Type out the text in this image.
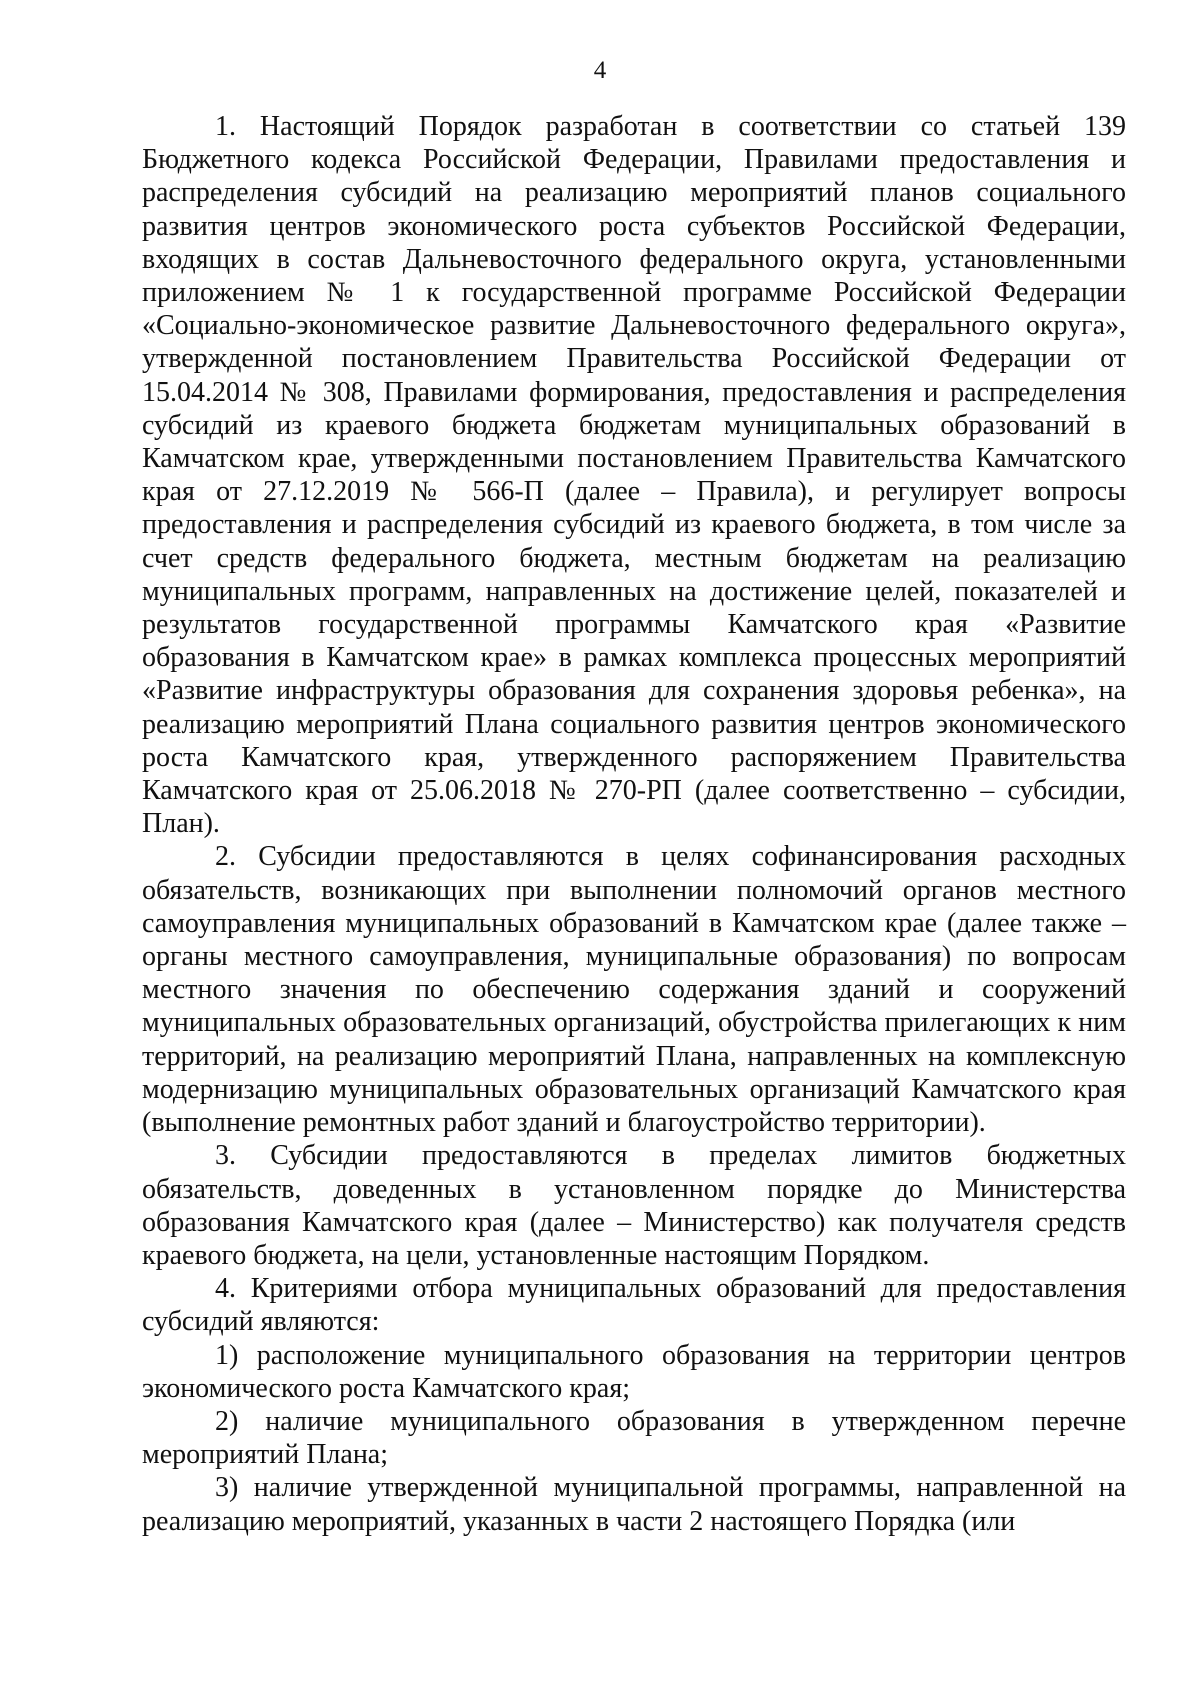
4

1. Настоящий Порядок разработан в соответствии со статьей 139 Бюджетного кодекса Российской Федерации, Правилами предоставления и распределения субсидий на реализацию мероприятий планов социального развития центров экономического роста субъектов Российской Федерации, входящих в состав Дальневосточного федерального округа, установленными приложением № 1 к государственной программе Российской Федерации «Социально-экономическое развитие Дальневосточного федерального округа», утвержденной постановлением Правительства Российской Федерации от 15.04.2014 № 308, Правилами формирования, предоставления и распределения субсидий из краевого бюджета бюджетам муниципальных образований в Камчатском крае, утвержденными постановлением Правительства Камчатского края от 27.12.2019 № 566-П (далее – Правила), и регулирует вопросы предоставления и распределения субсидий из краевого бюджета, в том числе за счет средств федерального бюджета, местным бюджетам на реализацию муниципальных программ, направленных на достижение целей, показателей и результатов государственной программы Камчатского края «Развитие образования в Камчатском крае» в рамках комплекса процессных мероприятий «Развитие инфраструктуры образования для сохранения здоровья ребенка», на реализацию мероприятий Плана социального развития центров экономического роста Камчатского края, утвержденного распоряжением Правительства Камчатского края от 25.06.2018 № 270-РП (далее соответственно – субсидии, План).

2. Субсидии предоставляются в целях софинансирования расходных обязательств, возникающих при выполнении полномочий органов местного самоуправления муниципальных образований в Камчатском крае (далее также – органы местного самоуправления, муниципальные образования) по вопросам местного значения по обеспечению содержания зданий и сооружений муниципальных образовательных организаций, обустройства прилегающих к ним территорий, на реализацию мероприятий Плана, направленных на комплексную модернизацию муниципальных образовательных организаций Камчатского края (выполнение ремонтных работ зданий и благоустройство территории).

3. Субсидии предоставляются в пределах лимитов бюджетных обязательств, доведенных в установленном порядке до Министерства образования Камчатского края (далее – Министерство) как получателя средств краевого бюджета, на цели, установленные настоящим Порядком.

4. Критериями отбора муниципальных образований для предоставления субсидий являются:

1) расположение муниципального образования на территории центров экономического роста Камчатского края;

2) наличие муниципального образования в утвержденном перечне мероприятий Плана;

3) наличие утвержденной муниципальной программы, направленной на реализацию мероприятий, указанных в части 2 настоящего Порядка (или
